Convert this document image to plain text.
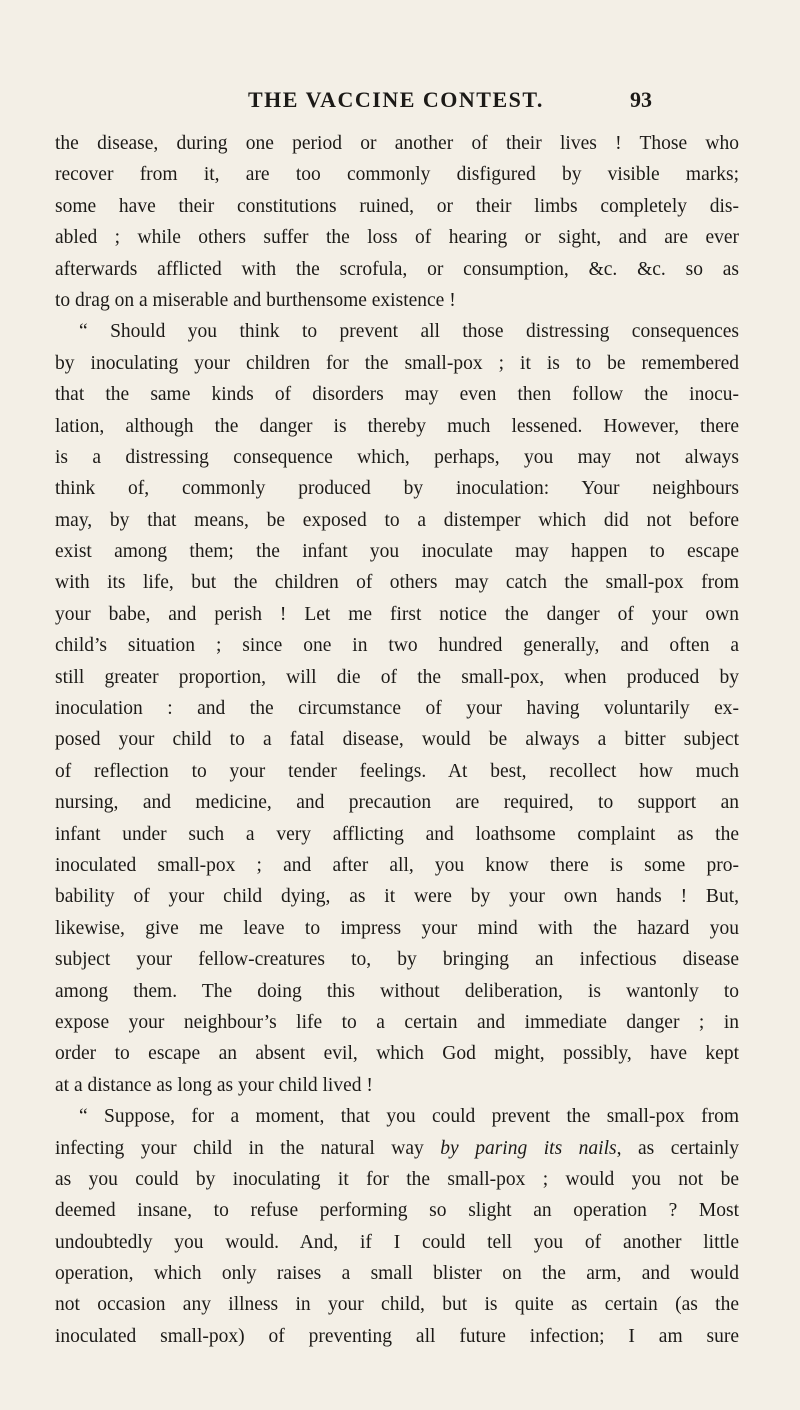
THE VACCINE CONTEST.	93
the disease, during one period or another of their lives ! Those who
recover from it, are too commonly disfigured by visible marks;
some have their constitutions ruined, or their limbs completely dis-
abled ; while others suffer the loss of hearing or sight, and are ever
afterwards afflicted with the scrofula, or consumption, &c. &c. so as
to drag on a miserable and burthensome existence !
“ Should you think to prevent all those distressing consequences
by inoculating your children for the small-pox ; it is to be remembered
that the same kinds of disorders may even then follow the inocu-
lation, although the danger is thereby much lessened. However, there
is a distressing consequence which, perhaps, you may not always
think of, commonly produced by inoculation: Your neighbours
may, by that means, be exposed to a distemper which did not before
exist among them; the infant you inoculate may happen to escape
with its life, but the children of others may catch the small-pox from
your babe, and perish ! Let me first notice the danger of your own
child’s situation ; since one in two hundred generally, and often a
still greater proportion, will die of the small-pox, when produced by
inoculation : and the circumstance of your having voluntarily ex-
posed your child to a fatal disease, would be always a bitter subject
of reflection to your tender feelings. At best, recollect how much
nursing, and medicine, and precaution are required, to support an
infant under such a very afflicting and loathsome complaint as the
inoculated small-pox ; and after all, you know there is some pro-
bability of your child dying, as it were by your own hands ! But,
likewise, give me leave to impress your mind with the hazard you
subject your fellow-creatures to, by bringing an infectious disease
among them. The doing this without deliberation, is wantonly to
expose your neighbour’s life to a certain and immediate danger ; in
order to escape an absent evil, which God might, possibly, have kept
at a distance as long as your child lived !
“ Suppose, for a moment, that you could prevent the small-pox from
infecting your child in the natural way by paring its nails, as certainly
as you could by inoculating it for the small-pox ; would you not be
deemed insane, to refuse performing so slight an operation ? Most
undoubtedly you would. And, if I could tell you of another little
operation, which only raises a small blister on the arm, and would
not occasion any illness in your child, but is quite as certain (as the
inoculated small-pox) of preventing all future infection; I am sure
